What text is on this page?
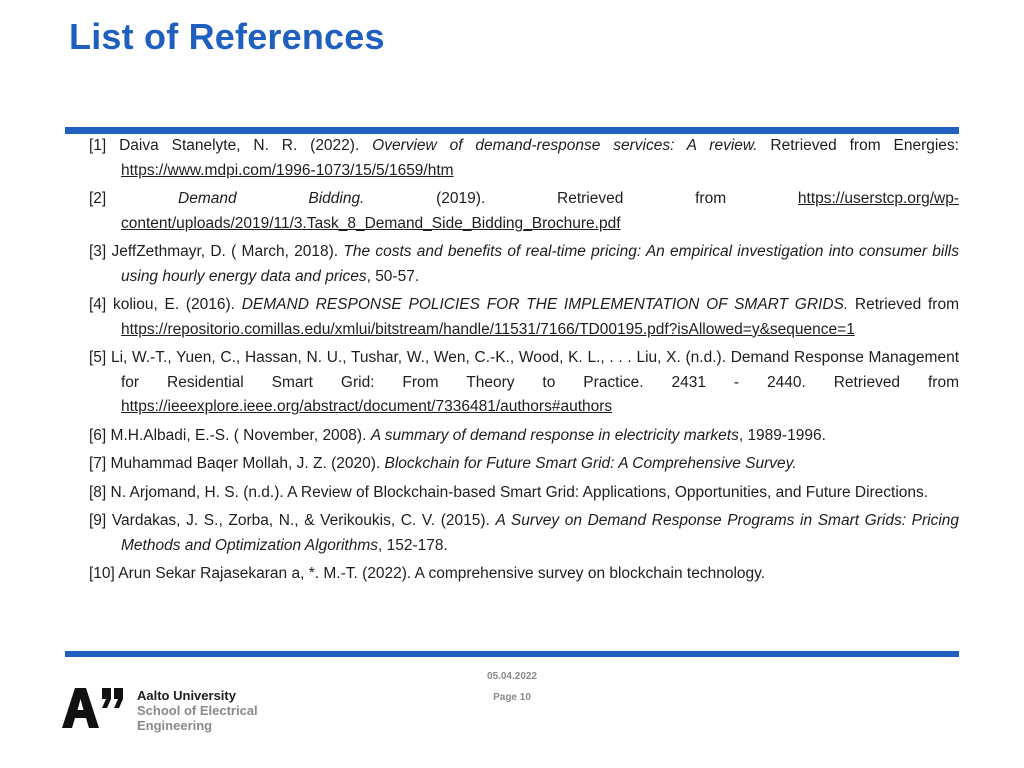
List of References
[1] Daiva Stanelyte, N. R. (2022). Overview of demand-response services: A review. Retrieved from Energies: https://www.mdpi.com/1996-1073/15/5/1659/htm
[2] Demand Bidding. (2019). Retrieved from https://userstcp.org/wp-content/uploads/2019/11/3.Task_8_Demand_Side_Bidding_Brochure.pdf
[3] JeffZethmayr, D. ( March, 2018). The costs and benefits of real-time pricing: An empirical investigation into consumer bills using hourly energy data and prices, 50-57.
[4] koliou, E. (2016). DEMAND RESPONSE POLICIES FOR THE IMPLEMENTATION OF SMART GRIDS. Retrieved from https://repositorio.comillas.edu/xmlui/bitstream/handle/11531/7166/TD00195.pdf?isAllowed=y&sequence=1
[5] Li, W.-T., Yuen, C., Hassan, N. U., Tushar, W., Wen, C.-K., Wood, K. L., . . . Liu, X. (n.d.). Demand Response Management for Residential Smart Grid: From Theory to Practice. 2431 - 2440. Retrieved from https://ieeexplore.ieee.org/abstract/document/7336481/authors#authors
[6] M.H.Albadi, E.-S. ( November, 2008). A summary of demand response in electricity markets, 1989-1996.
[7] Muhammad Baqer Mollah, J. Z. (2020). Blockchain for Future Smart Grid: A Comprehensive Survey.
[8] N. Arjomand, H. S. (n.d.). A Review of Blockchain-based Smart Grid: Applications, Opportunities, and Future Directions.
[9] Vardakas, J. S., Zorba, N., & Verikoukis, C. V. (2015). A Survey on Demand Response Programs in Smart Grids: Pricing Methods and Optimization Algorithms, 152-178.
[10] Arun Sekar Rajasekaran a, *. M.-T. (2022). A comprehensive survey on blockchain technology.
05.04.2022
Page 10
Aalto University
School of Electrical
Engineering
